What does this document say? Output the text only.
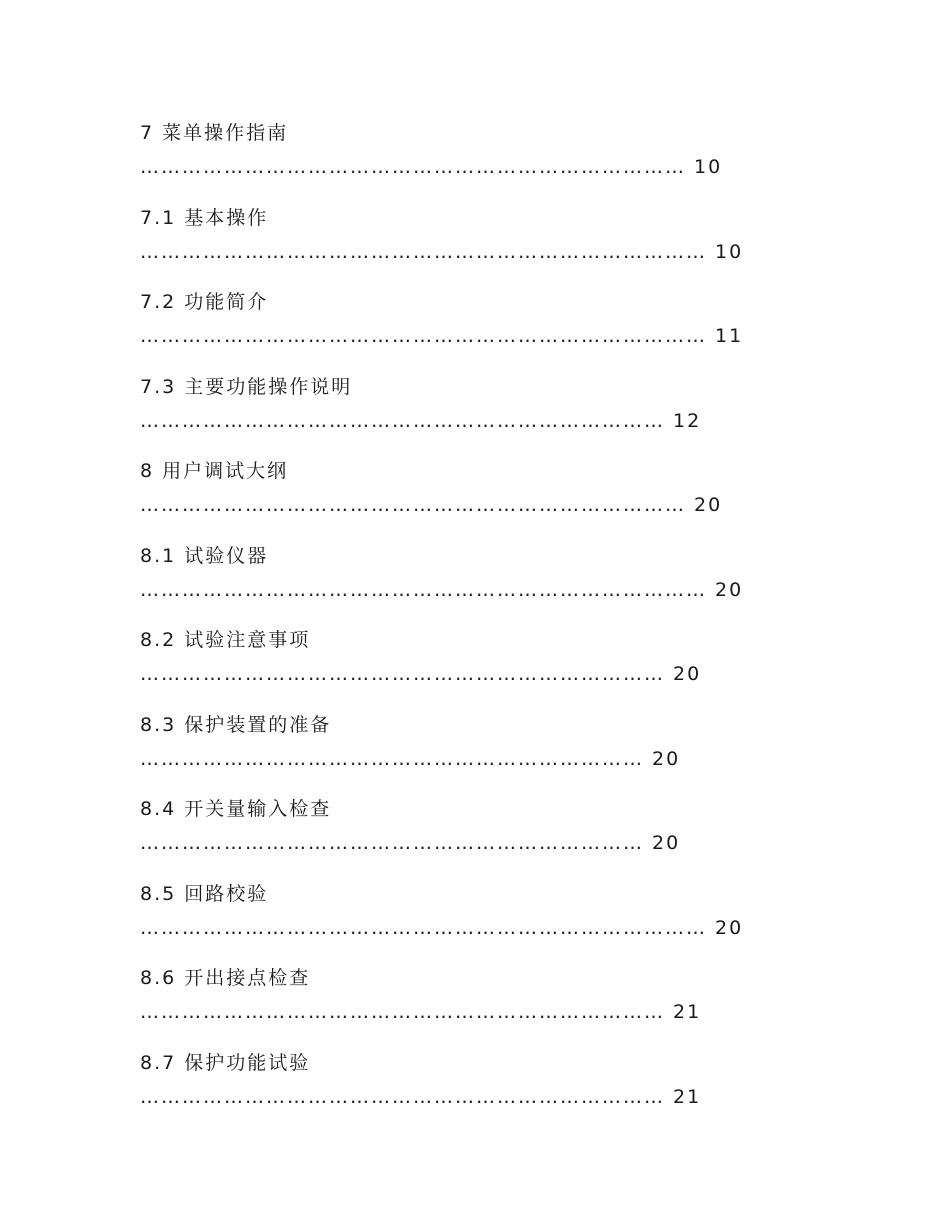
7 菜单操作指南
…………………………………………………………………… 10
7.1 基本操作
……………………………………………………………………… 10
7.2 功能简介
……………………………………………………………………… 11
7.3 主要功能操作说明
………………………………………………………………… 12
8 用户调试大纲
…………………………………………………………………… 20
8.1 试验仪器
……………………………………………………………………… 20
8.2 试验注意事项
………………………………………………………………… 20
8.3 保护装置的准备
……………………………………………………………… 20
8.4 开关量输入检查
……………………………………………………………… 20
8.5 回路校验
……………………………………………………………………… 20
8.6 开出接点检查
………………………………………………………………… 21
8.7 保护功能试验
………………………………………………………………… 21
